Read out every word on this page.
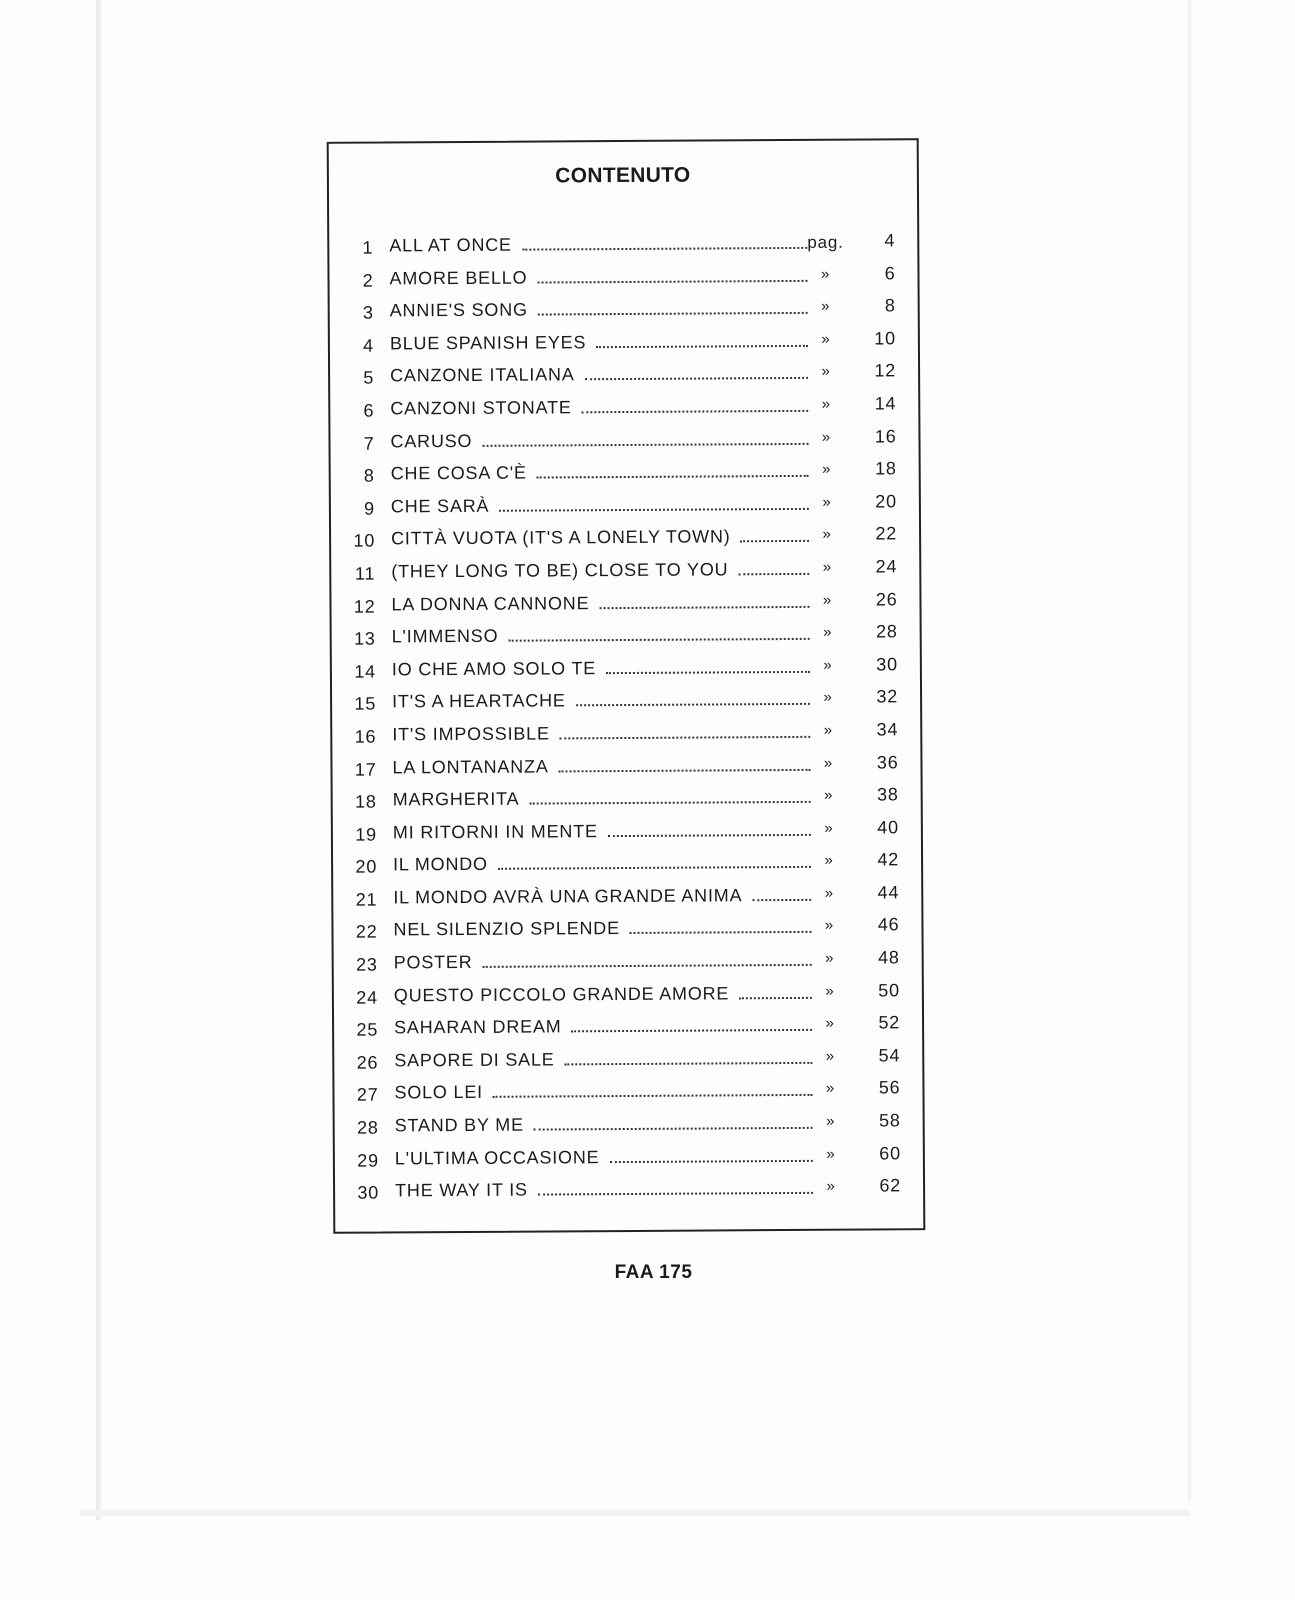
CONTENUTO
1 ALL AT ONCE	pag.	4
2 AMORE BELLO	»	6
3 ANNIE'S SONG	»	8
4 BLUE SPANISH EYES	»	10
5 CANZONE ITALIANA	»	12
6 CANZONI STONATE	»	14
7 CARUSO	»	16
8 CHE COSA C'È	»	18
9 CHE SARÀ	»	20
10 CITTÀ VUOTA (IT'S A LONELY TOWN)	»	22
11 (THEY LONG TO BE) CLOSE TO YOU	»	24
12 LA DONNA CANNONE	»	26
13 L'IMMENSO	»	28
14 IO CHE AMO SOLO TE	»	30
15 IT'S A HEARTACHE	»	32
16 IT'S IMPOSSIBLE	»	34
17 LA LONTANANZA	»	36
18 MARGHERITA	»	38
19 MI RITORNI IN MENTE	»	40
20 IL MONDO	»	42
21 IL MONDO AVRÀ UNA GRANDE ANIMA	»	44
22 NEL SILENZIO SPLENDE	»	46
23 POSTER	»	48
24 QUESTO PICCOLO GRANDE AMORE	»	50
25 SAHARAN DREAM	»	52
26 SAPORE DI SALE	»	54
27 SOLO LEI	»	56
28 STAND BY ME	»	58
29 L'ULTIMA OCCASIONE	»	60
30 THE WAY IT IS	»	62
FAA 175
